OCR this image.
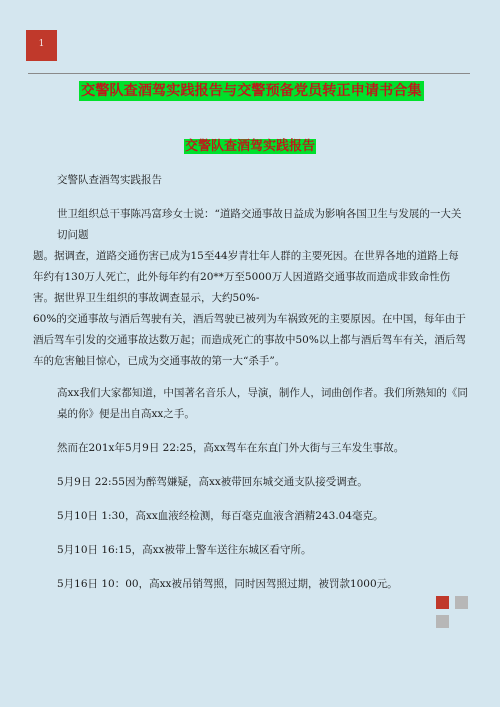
1
交警队查酒驾实践报告与交警预备党员转正申请书合集
交警队查酒驾实践报告

交警队查酒驾实践报告

世卫组织总干事陈冯富珍女士说：“道路交通事故日益成为影响各国卫生与发展的一大关切问题

题。据调查，道路交通伤害已成为15至44岁青壮年人群的主要死因。在世界各地的道路上每年约有130万人死亡，此外每年约有20**万至5000万人因道路交通事故而造成非致命性伤害。据世界卫生组织的事故调查显示，大约50%-

60%的交通事故与酒后驾驶有关，酒后驾驶已被列为车祸致死的主要原因。在中国，每年由于酒后驾车引发的交通事故达数万起；而造成死亡的事故中50%以上都与酒后驾车有关，酒后驾车的危害触目惊心，已成为交通事故的第一大“杀手”。

高xx我们大家都知道，中国著名音乐人，导演，制作人，词曲创作者。我们所熟知的《同桌的你》便是出自高xx之手。

然而在201x年5月9日 22:25，高xx驾车在东直门外大街与三车发生事故。

5月9日 22:55因为醉驾嫌疑，高xx被带回东城交通支队接受调查。

5月10日 1:30，高xx血液经检测，每百毫克血液含酒精243.04毫克。

5月10日 16:15，高xx被带上警车送往东城区看守所。

5月16日 10：00，高xx被吊销驾照，同时因驾照过期，被罚款1000元。
